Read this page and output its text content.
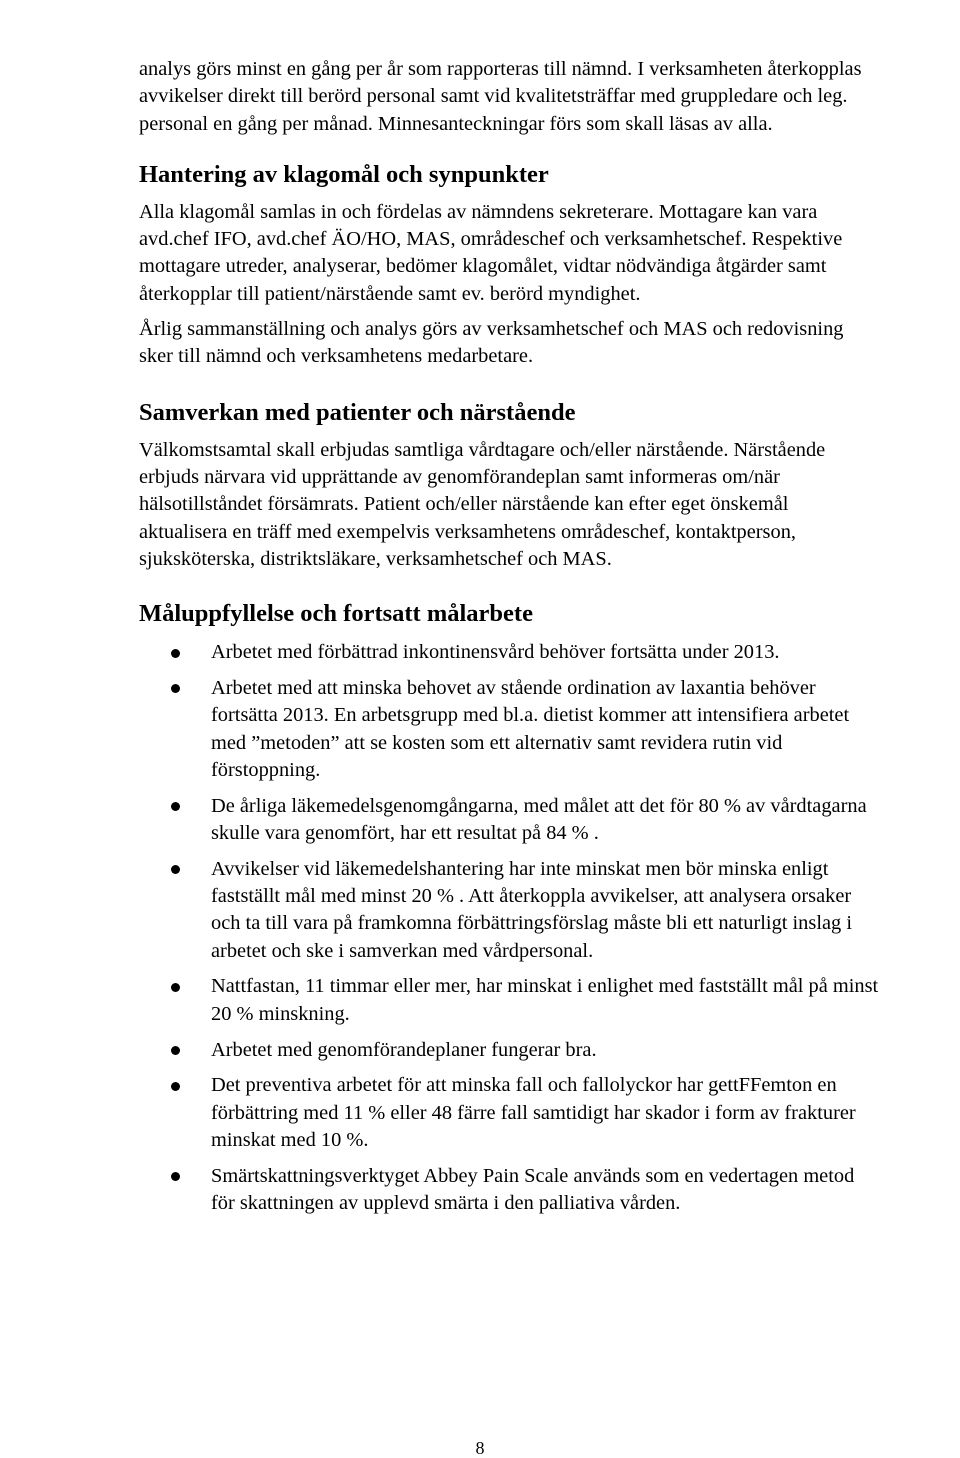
analys görs minst en gång per år som rapporteras till nämnd. I verksamheten återkopplas avvikelser direkt till berörd personal samt vid kvalitetsträffar med gruppledare och leg. personal en gång per månad. Minnesanteckningar förs som skall läsas av alla.

Hantering av klagomål och synpunkter

Alla klagomål samlas in och fördelas av nämndens sekreterare. Mottagare kan vara avd.chef IFO, avd.chef ÄO/HO, MAS, områdeschef och verksamhetschef. Respektive mottagare utreder, analyserar, bedömer klagomålet, vidtar nödvändiga åtgärder samt återkopplar till patient/närstående samt ev. berörd myndighet.

Årlig sammanställning och analys görs av verksamhetschef och MAS och redovisning sker till nämnd och verksamhetens medarbetare.

Samverkan med patienter och närstående

Välkomstsamtal skall erbjudas samtliga vårdtagare och/eller närstående. Närstående erbjuds närvara vid upprättande av genomförandeplan samt informeras om/när hälsotillståndet försämrats. Patient och/eller närstående kan efter eget önskemål aktualisera en träff med exempelvis verksamhetens områdeschef, kontaktperson, sjuksköterska, distriktsläkare, verksamhetschef och MAS.

Måluppfyllelse och fortsatt målarbete
Arbetet med förbättrad inkontinensvård behöver fortsätta under 2013.
Arbetet med att minska behovet av stående ordination av laxantia behöver fortsätta 2013. En arbetsgrupp med bl.a. dietist kommer att intensifiera arbetet med ”metoden” att se kosten som ett alternativ samt revidera rutin vid förstoppning.
De årliga läkemedelsgenomgångarna, med målet att det för 80 % av vårdtagarna skulle vara genomfört, har ett resultat på 84 % .
Avvikelser vid läkemedelshantering har inte minskat men bör minska enligt fastställt mål med minst 20 % . Att återkoppla avvikelser, att analysera orsaker och ta till vara på framkomna förbättringsförslag måste bli ett naturligt inslag i arbetet och ske i samverkan med vårdpersonal.
Nattfastan, 11 timmar eller mer, har minskat i enlighet med fastställt mål på minst 20 % minskning.
Arbetet med genomförandeplaner fungerar bra.
Det preventiva arbetet för att minska fall och fallolyckor har gettFFemton en förbättring med 11 % eller 48 färre fall samtidigt har skador i form av frakturer minskat med 10 %.
Smärtskattningsverktyget Abbey Pain Scale används som en vedertagen metod för skattningen av upplevd smärta i den palliativa vården.
8
